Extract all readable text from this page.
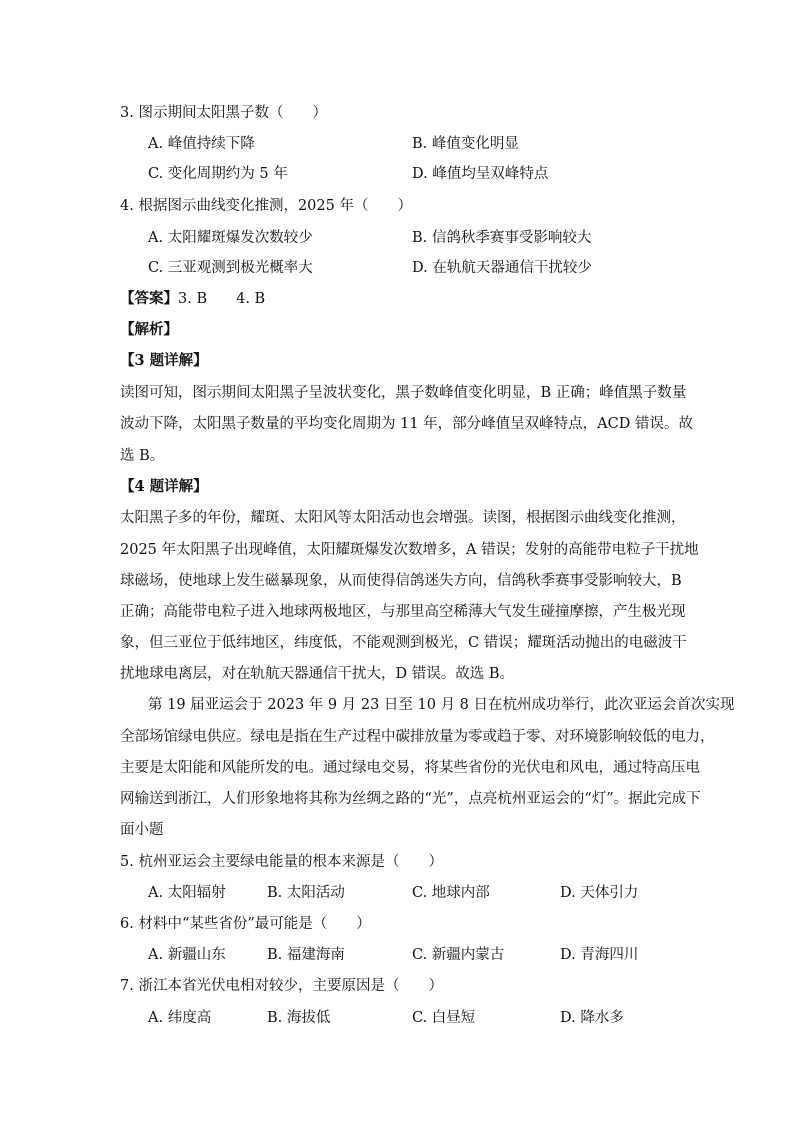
3. 图示期间太阳黑子数（　　）
A. 峰值持续下降	B. 峰值变化明显
C. 变化周期约为 5 年	D. 峰值均呈双峰特点
4. 根据图示曲线变化推测，2025 年（　　）
A. 太阳耀斑爆发次数较少	B. 信鸽秋季赛事受影响较大
C. 三亚观测到极光概率大	D. 在轨航天器通信干扰较少
【答案】3. B　　4. B
【解析】
【3 题详解】
读图可知，图示期间太阳黑子呈波状变化，黑子数峰值变化明显，B 正确；峰值黑子数量
波动下降，太阳黑子数量的平均变化周期为 11 年，部分峰值呈双峰特点，ACD 错误。故
选 B。
【4 题详解】
太阳黑子多的年份，耀斑、太阳风等太阳活动也会增强。读图，根据图示曲线变化推测，
2025 年太阳黑子出现峰值，太阳耀斑爆发次数增多，A 错误；发射的高能带电粒子干扰地
球磁场，使地球上发生磁暴现象，从而使得信鸽迷失方向，信鸽秋季赛事受影响较大，B
正确；高能带电粒子进入地球两极地区，与那里高空稀薄大气发生碰撞摩擦，产生极光现
象，但三亚位于低纬地区，纬度低，不能观测到极光，C 错误；耀斑活动抛出的电磁波干
扰地球电离层，对在轨航天器通信干扰大，D 错误。故选 B。
第 19 届亚运会于 2023 年 9 月 23 日至 10 月 8 日在杭州成功举行，此次亚运会首次实现
全部场馆绿电供应。绿电是指在生产过程中碳排放量为零或趋于零、对环境影响较低的电力，
主要是太阳能和风能所发的电。通过绿电交易，将某些省份的光伏电和风电，通过特高压电
网输送到浙江，人们形象地将其称为丝绸之路的“光”，点亮杭州亚运会的“灯”。据此完成下
面小题
5. 杭州亚运会主要绿电能量的根本来源是（　　）
A. 太阳辐射	B. 太阳活动	C. 地球内部	D. 天体引力
6. 材料中“某些省份”最可能是（　　）
A. 新疆山东	B. 福建海南	C. 新疆内蒙古	D. 青海四川
7. 浙江本省光伏电相对较少，主要原因是（　　）
A. 纬度高	B. 海拔低	C. 白昼短	D. 降水多
